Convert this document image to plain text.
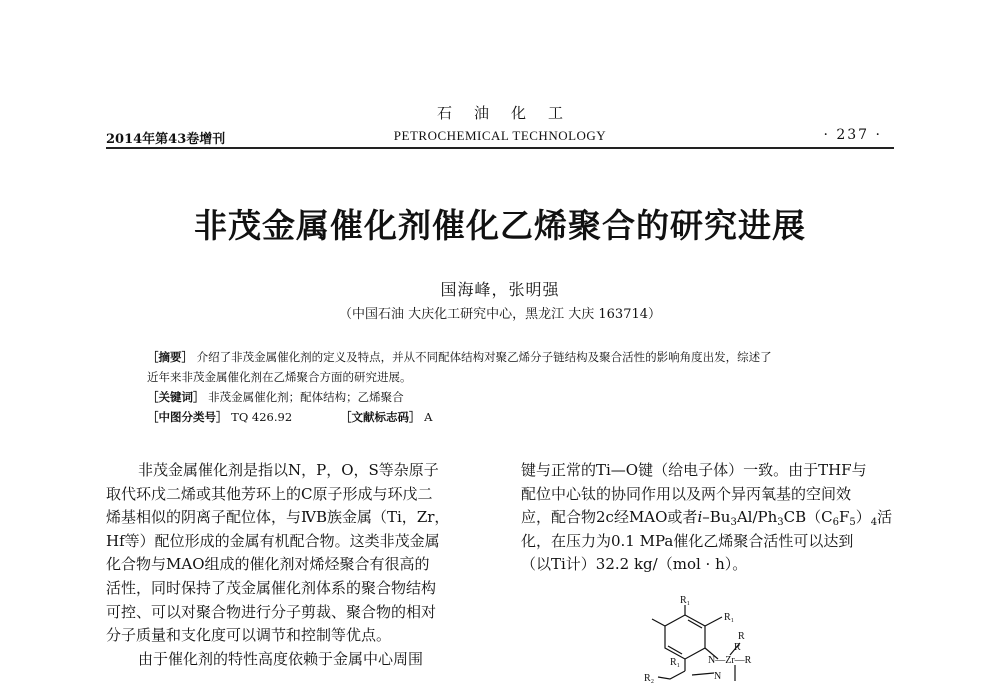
石油化工
2014年第43卷增刊	PETROCHEMICAL TECHNOLOGY	· 237 ·
非茂金属催化剂催化乙烯聚合的研究进展
国海峰，张明强
（中国石油 大庆化工研究中心，黑龙江 大庆 163714）
［摘要］ 介绍了非茂金属催化剂的定义及特点，并从不同配体结构对聚乙烯分子链结构及聚合活性的影响角度出发，综述了
近年来非茂金属催化剂在乙烯聚合方面的研究进展。
［关键词］ 非茂金属催化剂；配体结构；乙烯聚合
［中图分类号］ TQ 426.92	［文献标志码］ A
非茂金属催化剂是指以N，P，O，S等杂原子
取代环戊二烯或其他芳环上的C原子形成与环戊二
烯基相似的阴离子配位体，与ⅣB族金属（Ti，Zr，
Hf等）配位形成的金属有机配合物。这类非茂金属
化合物与MAO组成的催化剂对烯烃聚合有很高的
活性，同时保持了茂金属催化剂体系的聚合物结构
可控、可以对聚合物进行分子剪裁、聚合物的相对
分子质量和支化度可以调节和控制等优点。
由于催化剂的特性高度依赖于金属中心周围
键与正常的Ti—O键（给电子体）一致。由于THF与
配位中心钛的协同作用以及两个异丙氧基的空间效
应，配合物2c经MAO或者$i-Bu_3Al/Ph_3CB(C_6F_5)_4$活
化，在压力为0.1 MPa催化乙烯聚合活性可以达到
（以Ti计）32.2 kg/（mol · h）。
R₁
R₁
R
R
N—Zr—R
R₁
R₂	N
